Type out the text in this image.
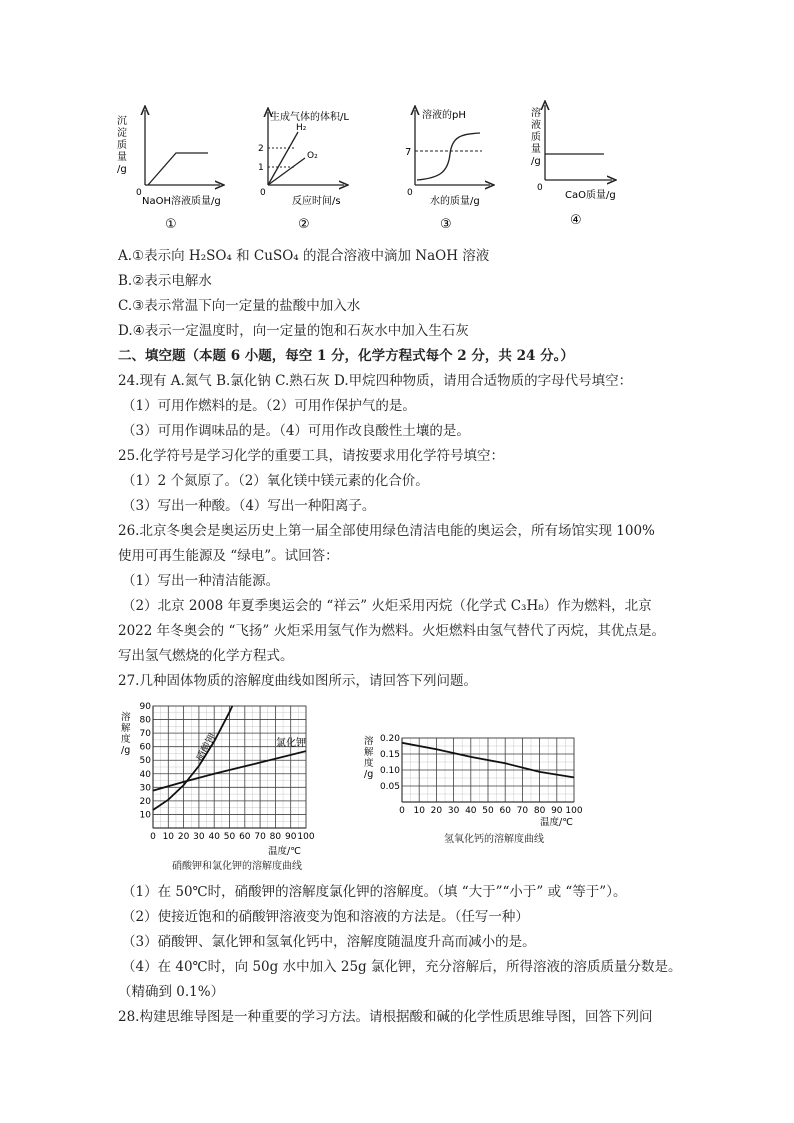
沉
淀
质
量
/g
0
NaOH溶液质量/g
①
生成气体的体积/L
2
1
H₂
O₂
0
反应时间/s
②
溶液的pH
7
0
水的质量/g
③
溶
液
质
量
/g
0
CaO质量/g
④
A.①表示向 H₂SO₄ 和 CuSO₄ 的混合溶液中滴加 NaOH 溶液
B.②表示电解水
C.③表示常温下向一定量的盐酸中加入水
D.④表示一定温度时，向一定量的饱和石灰水中加入生石灰
二、填空题（本题 6 小题，每空 1 分，化学方程式每个 2 分，共 24 分。）
24.现有 A.氮气 B.氯化钠 C.熟石灰 D.甲烷四种物质，请用合适物质的字母代号填空：
（1）可用作燃料的是。（2）可用作保护气的是。
（3）可用作调味品的是。（4）可用作改良酸性土壤的是。
25.化学符号是学习化学的重要工具，请按要求用化学符号填空：
（1）2 个氮原了。（2）氧化镁中镁元素的化合价。
（3）写出一种酸。（4）写出一种阳离子。
26.北京冬奥会是奥运历史上第一届全部使用绿色清洁电能的奥运会，所有场馆实现 100%
使用可再生能源及 “绿电”。试回答：
（1）写出一种清洁能源。
（2）北京 2008 年夏季奥运会的 “祥云” 火炬采用丙烷（化学式 C₃H₈）作为燃料，北京
2022 年冬奥会的 “飞扬” 火炬采用氢气作为燃料。火炬燃料由氢气替代了丙烷，其优点是。
写出氢气燃烧的化学方程式。
27.几种固体物质的溶解度曲线如图所示，请回答下列问题。
0 10 20 30 40 50 60 70 80 90 100
10
20
30
40
50
60
70
80
90
溶
解
度
/g
温度/℃
硝酸钾	氯化钾
0 10 20 30 40 50 60 70 80 90 100
0.05
0.10
0.15
0.20
溶
解
度
/g
温度/℃
硝酸钾和氯化钾的溶解度曲线
氢氧化钙的溶解度曲线
（1）在 50℃时，硝酸钾的溶解度氯化钾的溶解度。（填 “大于”“小于” 或 “等于”）。
（2）使接近饱和的硝酸钾溶液变为饱和溶液的方法是。（任写一种）
（3）硝酸钾、氯化钾和氢氧化钙中，溶解度随温度升高而减小的是。
（4）在 40℃时，向 50g 水中加入 25g 氯化钾，充分溶解后，所得溶液的溶质质量分数是。
（精确到 0.1%）
28.构建思维导图是一种重要的学习方法。请根据酸和碱的化学性质思维导图，回答下列问
